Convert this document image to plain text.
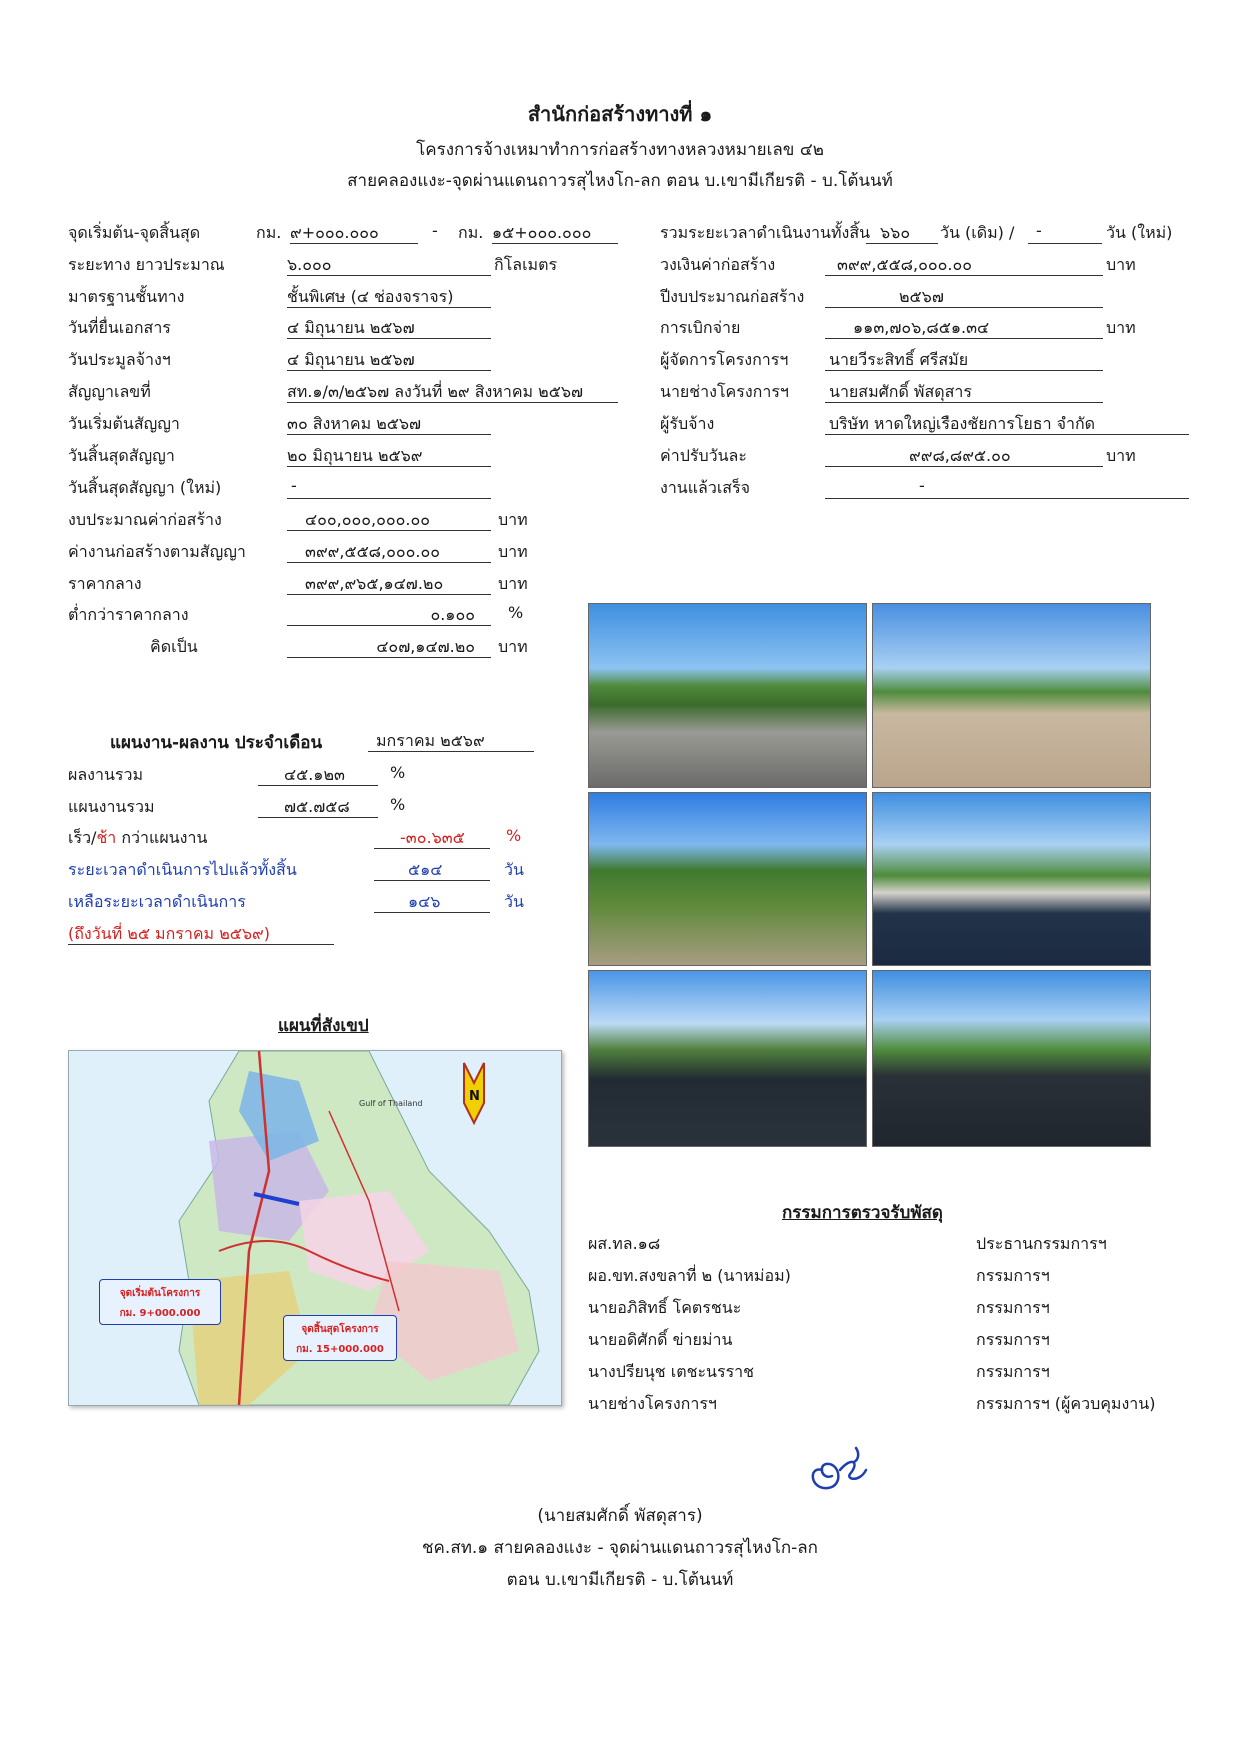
สำนักก่อสร้างทางที่ ๑
โครงการจ้างเหมาทำการก่อสร้างทางหลวงหมายเลข ๔๒
สายคลองแงะ-จุดผ่านแดนถาวรสุไหงโก-ลก ตอน บ.เขามีเกียรติ - บ.โต้นนท์
จุดเริ่มต้น-จุดสิ้นสุด	กม. ๙+๐๐๐.๐๐๐	- กม. ๑๕+๐๐๐.๐๐๐
ระยะทาง ยาวประมาณ	๖.๐๐๐	กิโลเมตร
มาตรฐานชั้นทาง	ชั้นพิเศษ (๔ ช่องจราจร)
วันที่ยื่นเอกสาร	๔ มิถุนายน ๒๕๖๗
วันประมูลจ้างฯ	๔ มิถุนายน ๒๕๖๗
สัญญาเลขที่	สท.๑/๓/๒๕๖๗ ลงวันที่ ๒๙ สิงหาคม ๒๕๖๗
วันเริ่มต้นสัญญา	๓๐ สิงหาคม ๒๕๖๗
วันสิ้นสุดสัญญา	๒๐ มิถุนายน ๒๕๖๙
วันสิ้นสุดสัญญา (ใหม่)	-
งบประมาณค่าก่อสร้าง	๔๐๐,๐๐๐,๐๐๐.๐๐	บาท
ค่างานก่อสร้างตามสัญญา	๓๙๙,๕๕๘,๐๐๐.๐๐	บาท
ราคากลาง	๓๙๙,๙๖๕,๑๔๗.๒๐	บาท
ต่ำกว่าราคากลาง	๐.๑๐๐ %
คิดเป็น	๔๐๗,๑๔๗.๒๐ บาท
รวมระยะเวลาดำเนินงานทั้งสิ้น ๖๖๐ วัน (เดิม) / -	วัน (ใหม่)
วงเงินค่าก่อสร้าง	๓๙๙,๕๕๘,๐๐๐.๐๐	บาท
ปีงบประมาณก่อสร้าง	๒๕๖๗
การเบิกจ่าย	๑๑๓,๗๐๖,๘๕๑.๓๔	บาท
ผู้จัดการโครงการฯ	นายวีระสิทธิ์ ศรีสมัย
นายช่างโครงการฯ	นายสมศักดิ์ พัสดุสาร
ผู้รับจ้าง	บริษัท หาดใหญ่เรืองชัยการโยธา จำกัด
ค่าปรับวันละ	๙๙๘,๘๙๕.๐๐	บาท
งานแล้วเสร็จ	-
แผนงาน-ผลงาน ประจำเดือน	มกราคม ๒๕๖๙
ผลงานรวม	๔๕.๑๒๓	%
แผนงานรวม	๗๕.๗๕๘	%
เร็ว/ช้า กว่าแผนงาน	-๓๐.๖๓๕	%
ระยะเวลาดำเนินการไปแล้วทั้งสิ้น	๕๑๔	วัน
เหลือระยะเวลาดำเนินการ	๑๔๖	วัน
(ถึงวันที่ ๒๕ มกราคม ๒๕๖๙)
แผนที่สังเขป
N
Gulf of Thailand
จุดเริ่มต้นโครงการ
กม. 9+000.000
จุดสิ้นสุดโครงการ
กม. 15+000.000
กรรมการตรวจรับพัสดุ
ผส.ทล.๑๘	ประธานกรรมการฯ
ผอ.ขท.สงขลาที่ ๒ (นาหม่อม)	กรรมการฯ
นายอภิสิทธิ์ โคตรชนะ	กรรมการฯ
นายอดิศักดิ์ ข่ายม่าน	กรรมการฯ
นางปรียนุช เตชะนรราช	กรรมการฯ
นายช่างโครงการฯ	กรรมการฯ (ผู้ควบคุมงาน)
(นายสมศักดิ์ พัสดุสาร)
ชค.สท.๑ สายคลองแงะ - จุดผ่านแดนถาวรสุไหงโก-ลก
ตอน บ.เขามีเกียรติ - บ.โต้นนท์
